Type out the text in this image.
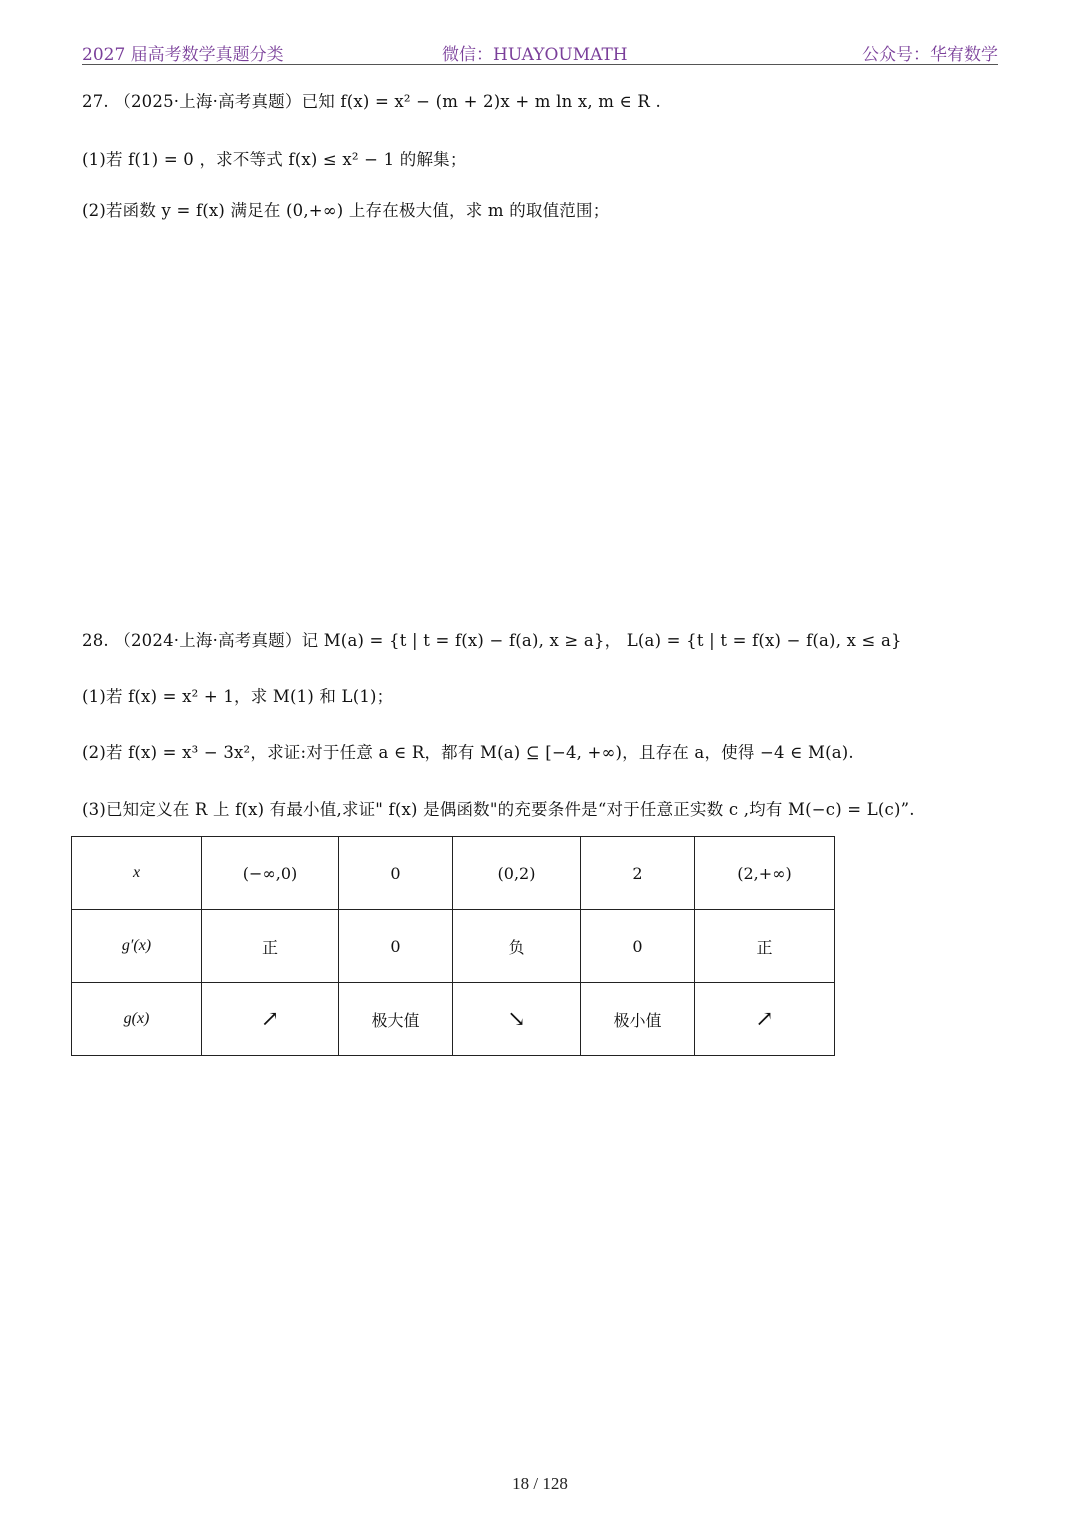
2027 届高考数学真题分类	微信：HUAYOUMATH	公众号：华宥数学
27. （2025·上海·高考真题）已知 f(x) = x² − (m + 2)x + m ln x, m ∈ R .
(1)若 f(1) = 0 ，求不等式 f(x) ≤ x² − 1 的解集；
(2)若函数 y = f(x) 满足在 (0,+∞) 上存在极大值，求 m 的取值范围；
28. （2024·上海·高考真题）记 M(a) = {t | t = f(x) − f(a), x ≥ a}， L(a) = {t | t = f(x) − f(a), x ≤ a}
(1)若 f(x) = x² + 1，求 M(1) 和 L(1)；
(2)若 f(x) = x³ − 3x²，求证:对于任意 a ∈ R，都有 M(a) ⊆ [−4, +∞)，且存在 a，使得 −4 ∈ M(a).
(3)已知定义在 R 上 f(x) 有最小值,求证" f(x) 是偶函数"的充要条件是“对于任意正实数 c ,均有 M(−c) = L(c)”.
x	(−∞,0)	0	(0,2)	2	(2,+∞)
g′(x)	正	0	负	0	正
g(x)	↗	极大值	↘	极小值	↗
18 / 128
